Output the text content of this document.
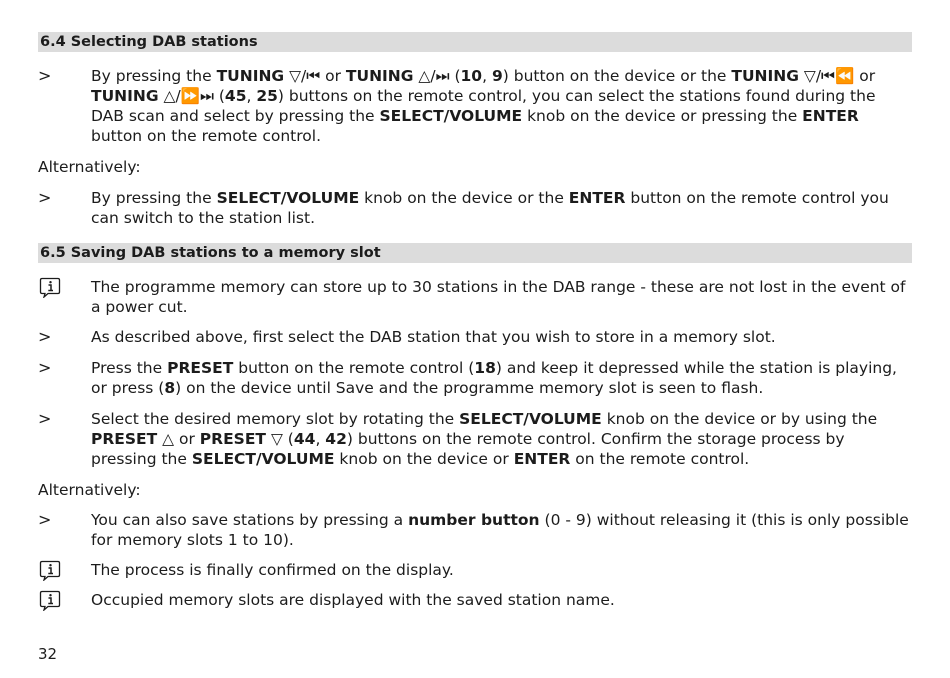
6.4 Selecting DAB stations
>	By pressing the TUNING ▽/⏮ or TUNING △/⏭ (10, 9) button on the device or the TUNING ▽/⏮⏪ or TUNING △/⏩⏭ (45, 25) buttons on the remote control, you can select the stations found during the DAB scan and select by pressing the SELECT/VOLUME knob on the device or pressing the ENTER button on the remote control.
Alternatively:
>	By pressing the SELECT/VOLUME knob on the device or the ENTER button on the remote control you can switch to the station list.
6.5 Saving DAB stations to a memory slot
The programme memory can store up to 30 stations in the DAB range - these are not lost in the event of a power cut.
>	As described above, first select the DAB station that you wish to store in a memory slot.
>	Press the PRESET button on the remote control (18) and keep it depressed while the station is playing, or press (8) on the device until Save and the programme memory slot is seen to flash.
>	Select the desired memory slot by rotating the SELECT/VOLUME knob on the device or by using the PRESET △ or PRESET ▽ (44, 42) buttons on the remote control. Confirm the storage process by pressing the SELECT/VOLUME knob on the device or ENTER on the remote control.
Alternatively:
>	You can also save stations by pressing a number button (0 - 9) without releasing it (this is only possible for memory slots 1 to 10).
The process is finally confirmed on the display.
Occupied memory slots are displayed with the saved station name.
32
